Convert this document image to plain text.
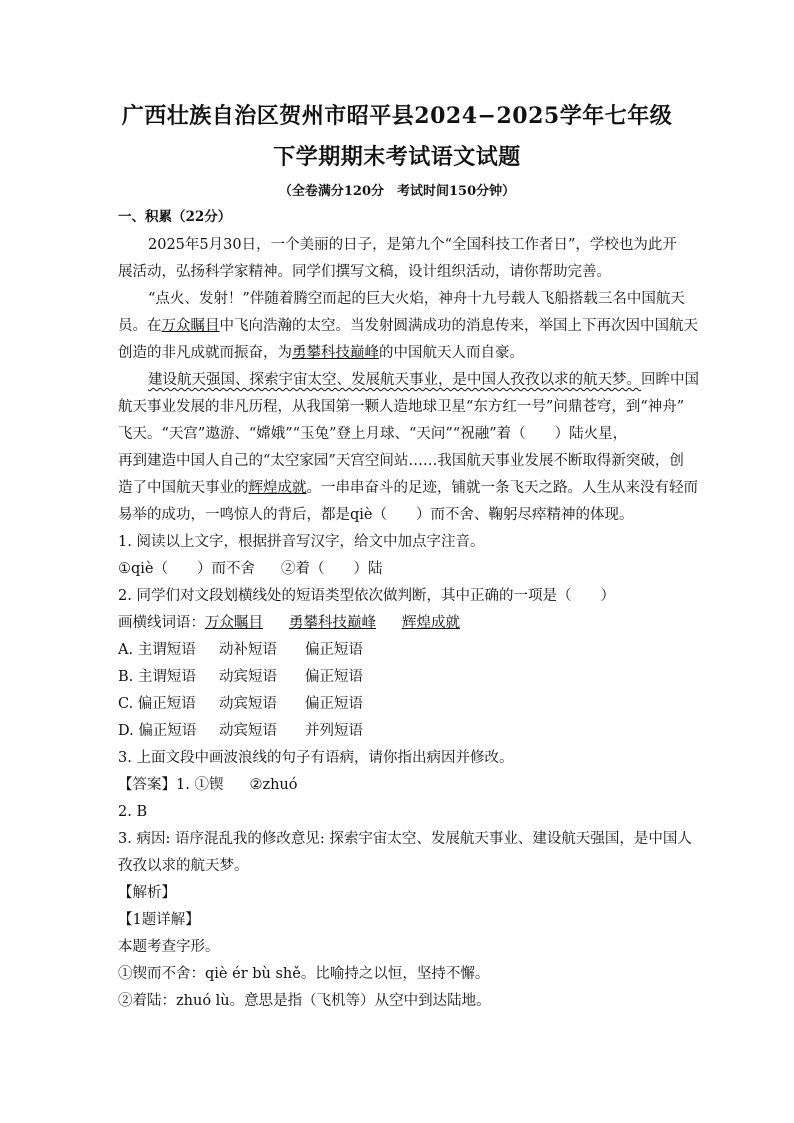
广西壮族自治区贺州市昭平县2024−2025学年七年级
下学期期末考试语文试题
（全卷满分120分　考试时间150分钟）
一、积累（22分）
2025年5月30日，一个美丽的日子，是第九个“全国科技工作者日”，学校也为此开
展活动，弘扬科学家精神。同学们撰写文稿，设计组织活动，请你帮助完善。
“点火、发射！”伴随着腾空而起的巨大火焰，神舟十九号载人飞船搭载三名中国航天
员。在万众瞩目中飞向浩瀚的太空。当发射圆满成功的消息传来，举国上下再次因中国航天
创造的非凡成就而振奋，为勇攀科技巅峰的中国航天人而自豪。
建设航天强国、探索宇宙太空、发展航天事业，是中国人孜孜以求的航天梦。回眸中国
航天事业发展的非凡历程，从我国第一颗人造地球卫星“东方红一号”问鼎苍穹，到“神舟”
飞天。“天宫”遨游、“嫦娥”“玉兔”登上月球、“天问”“祝融”着（　　）陆火星，
再到建造中国人自己的“太空家园”天宫空间站……我国航天事业发展不断取得新突破，创
造了中国航天事业的辉煌成就。一串串奋斗的足迹，铺就一条飞天之路。人生从来没有轻而
易举的成功，一鸣惊人的背后，都是qiè（　　）而不舍、鞠躬尽瘁精神的体现。
1. 阅读以上文字，根据拼音写汉字，给文中加点字注音。
①qiè（　　）而不舍 ②着（　　）陆
2. 同学们对文段划横线处的短语类型依次做判断，其中正确的一项是（　　）
画横线词语：万众瞩目 勇攀科技巅峰 辉煌成就
A. 主谓短语 动补短语 偏正短语
B. 主谓短语 动宾短语 偏正短语
C. 偏正短语 动宾短语 偏正短语
D. 偏正短语 动宾短语 并列短语
3. 上面文段中画波浪线的句子有语病，请你指出病因并修改。
【答案】1. ①锲 ②zhuó
2. B
3. 病因: 语序混乱我的修改意见: 探索宇宙太空、发展航天事业、建设航天强国，是中国人
孜孜以求的航天梦。
【解析】
【1题详解】
本题考查字形。
①锲而不舍：qiè ér bù shě。比喻持之以恒，坚持不懈。
②着陆：zhuó lù。意思是指（飞机等）从空中到达陆地。
